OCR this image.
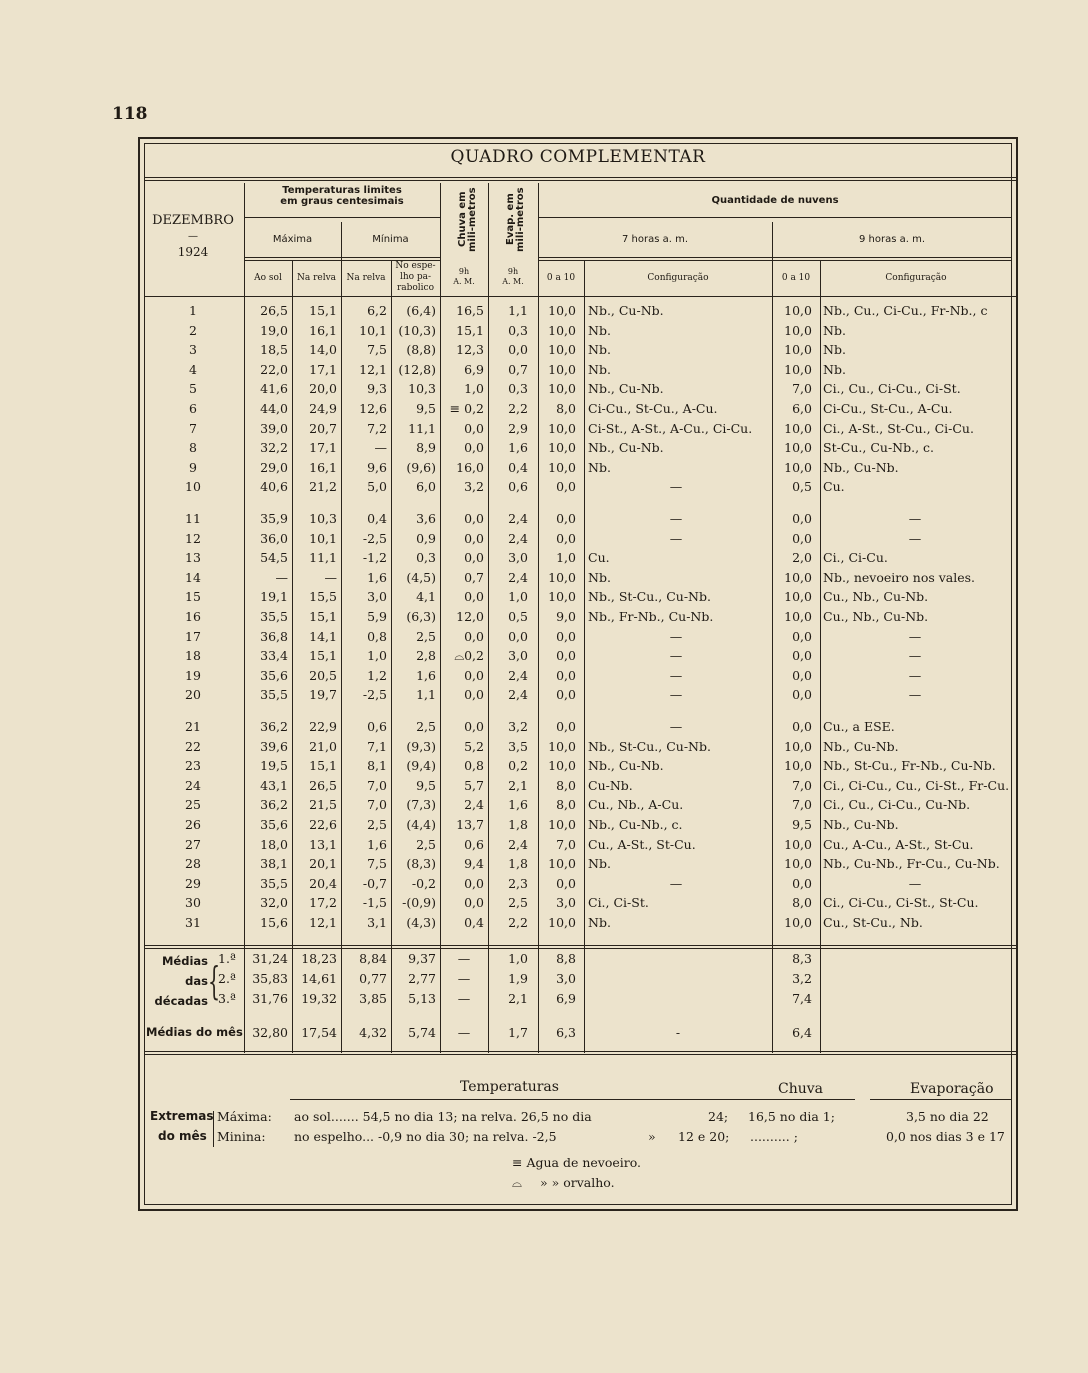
118
QUADRO COMPLEMENTAR
DEZEMBRO
—
1924
Temperaturas limites
em graus centesimais
Máxima	Mínima
Ao sol	Na relva	Na relva
No espe-
lho pa-
rabolico
Chuva em mili-metros	Evap. em mili-metros
9h
A. M.
9h
A. M.
Quantidade de nuvens
7 horas a. m.	9 horas a. m.
0 a 10	Configuração	0 a 10	Configuração
1	26,5	15,1	6,2	(6,4)	16,5	1,1	10,0 Nb., Cu-Nb.	10,0 Nb., Cu., Ci-Cu., Fr-Nb., c
2	19,0	16,1	10,1 (10,3)	15,1	0,3	10,0 Nb.	10,0 Nb.
3	18,5	14,0	7,5	(8,8)	12,3	0,0	10,0 Nb.	10,0 Nb.
4	22,0	17,1	12,1 (12,8)	6,9	0,7	10,0 Nb.	10,0 Nb.
5	41,6	20,0	9,3	10,3	1,0	0,3	10,0 Nb., Cu-Nb.	7,0 Ci., Cu., Ci-Cu., Ci-St.
6	44,0	24,9	12,6	9,5	≡ 0,2	2,2	8,0 Ci-Cu., St-Cu., A-Cu.	6,0 Ci-Cu., St-Cu., A-Cu.
7	39,0	20,7	7,2	11,1	0,0	2,9	10,0 Ci-St., A-St., A-Cu., Ci-Cu.	10,0 Ci., A-St., St-Cu., Ci-Cu.
8	32,2	17,1	—	8,9	0,0	1,6	10,0 Nb., Cu-Nb.	10,0 St-Cu., Cu-Nb., c.
9	29,0	16,1	9,6	(9,6)	16,0	0,4	10,0 Nb.	10,0 Nb., Cu-Nb.
10	40,6	21,2	5,0	6,0	3,2	0,6	0,0	—	0,5 Cu.
11	35,9	10,3	0,4	3,6	0,0	2,4	0,0	—	0,0	—
12	36,0	10,1	-2,5	0,9	0,0	2,4	0,0	—	0,0	—
13	54,5	11,1	-1,2	0,3	0,0	3,0	1,0 Cu.	2,0 Ci., Ci-Cu.
14	—	—	1,6	(4,5)	0,7	2,4	10,0 Nb.	10,0 Nb., nevoeiro nos vales.
15	19,1	15,5	3,0	4,1	0,0	1,0	10,0 Nb., St-Cu., Cu-Nb.	10,0 Cu., Nb., Cu-Nb.
16	35,5	15,1	5,9	(6,3)	12,0	0,5	9,0 Nb., Fr-Nb., Cu-Nb.	10,0 Cu., Nb., Cu-Nb.
17	36,8	14,1	0,8	2,5	0,0	0,0	0,0	—	0,0	—
18	33,4	15,1	1,0	2,8	⌓0,2	3,0	0,0	—	0,0	—
19	35,6	20,5	1,2	1,6	0,0	2,4	0,0	—	0,0	—
20	35,5	19,7	-2,5	1,1	0,0	2,4	0,0	—	0,0	—
21	36,2	22,9	0,6	2,5	0,0	3,2	0,0	—	0,0 Cu., a ESE.
22	39,6	21,0	7,1	(9,3)	5,2	3,5	10,0 Nb., St-Cu., Cu-Nb.	10,0 Nb., Cu-Nb.
23	19,5	15,1	8,1	(9,4)	0,8	0,2	10,0 Nb., Cu-Nb.	10,0 Nb., St-Cu., Fr-Nb., Cu-Nb.
24	43,1	26,5	7,0	9,5	5,7	2,1	8,0 Cu-Nb.	7,0 Ci., Ci-Cu., Cu., Ci-St., Fr-Cu.
25	36,2	21,5	7,0	(7,3)	2,4	1,6	8,0 Cu., Nb., A-Cu.	7,0 Ci., Cu., Ci-Cu., Cu-Nb.
26	35,6	22,6	2,5	(4,4)	13,7	1,8	10,0 Nb., Cu-Nb., c.	9,5 Nb., Cu-Nb.
27	18,0	13,1	1,6	2,5	0,6	2,4	7,0 Cu., A-St., St-Cu.	10,0 Cu., A-Cu., A-St., St-Cu.
28	38,1	20,1	7,5	(8,3)	9,4	1,8	10,0 Nb.	10,0 Nb., Cu-Nb., Fr-Cu., Cu-Nb.
29	35,5	20,4	-0,7	-0,2	0,0	2,3	0,0	—	0,0	—
30	32,0	17,2	-1,5	-(0,9)	0,0	2,5	3,0 Ci., Ci-St.	8,0 Ci., Ci-Cu., Ci-St., St-Cu.
31	15,6	12,1	3,1	(4,3)	0,4	2,2	10,0 Nb.	10,0 Cu., St-Cu., Nb.
Médias
das
décadas {
1.ª	31,24	18,23	8,84	9,37	—	1,0	8,8	8,3
2.ª	35,83	14,61	0,77	2,77	—	1,9	3,0	3,2
3.ª	31,76	19,32	3,85	5,13	—	2,1	6,9	7,4
Médias do mês 32,80	17,54	4,32	5,74	—	1,7	6,3	-	6,4
Temperaturas	Chuva	Evaporação
Extremas
do mês
Máxima:
Minina:
ao sol....... 54,5 no dia 13; na relva. 26,5 no dia	24; 16,5 no dia 1;	3,5 no dia 22
no espelho... -0,9 no dia 30; na relva. -2,5	» 12 e 20; .......... ;	0,0 nos dias 3 e 17
≡ Agua de nevoeiro.
⌓ » » orvalho.
